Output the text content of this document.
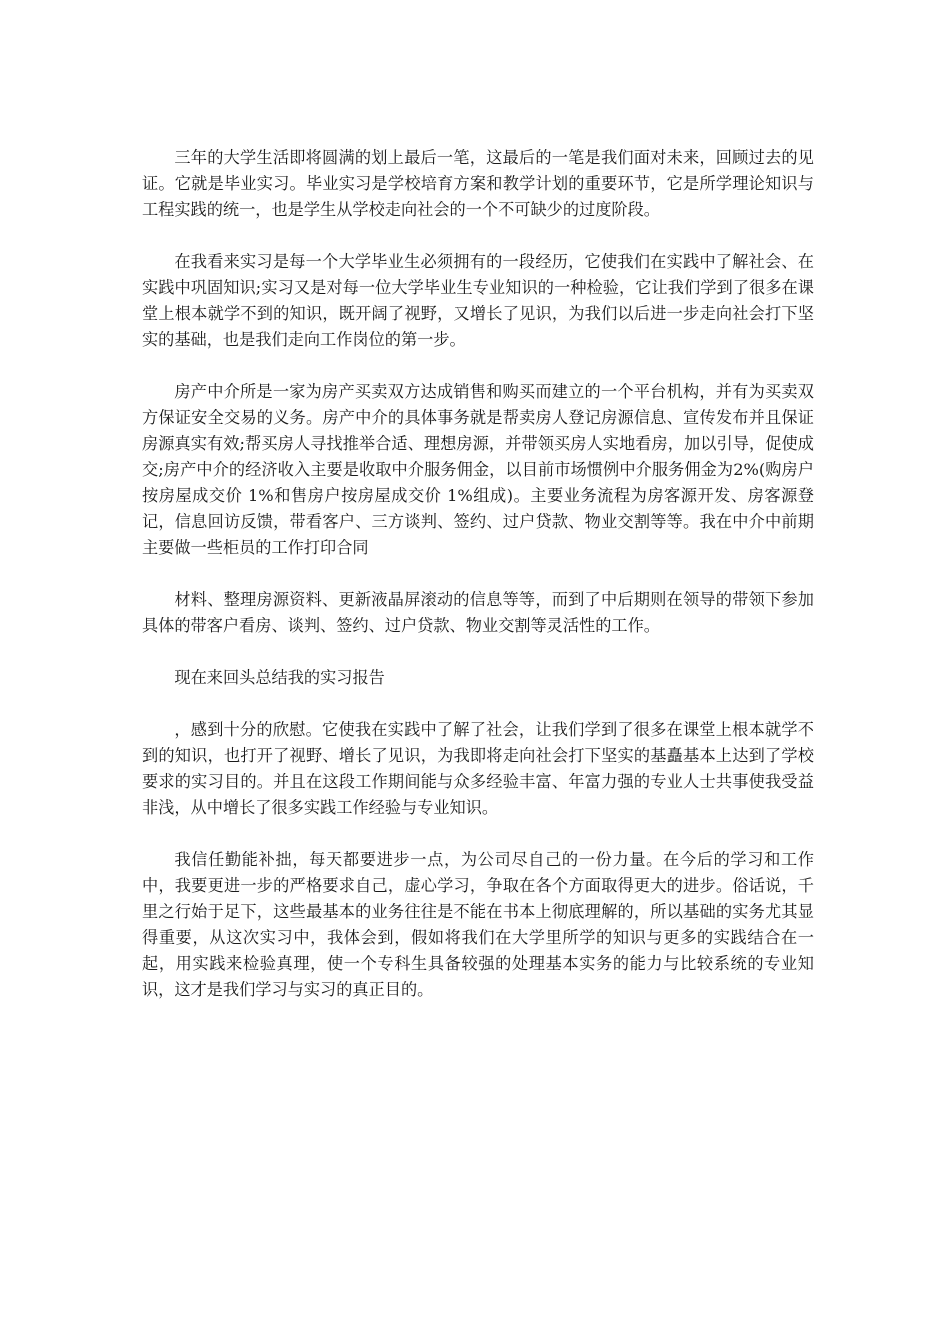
三年的大学生活即将圆满的划上最后一笔，这最后的一笔是我们面对未来，回顾过去的见证。它就是毕业实习。毕业实习是学校培育方案和教学计划的重要环节，它是所学理论知识与工程实践的统一，也是学生从学校走向社会的一个不可缺少的过度阶段。

在我看来实习是每一个大学毕业生必须拥有的一段经历，它使我们在实践中了解社会、在实践中巩固知识;实习又是对每一位大学毕业生专业知识的一种检验，它让我们学到了很多在课堂上根本就学不到的知识，既开阔了视野，又增长了见识，为我们以后进一步走向社会打下坚实的基础，也是我们走向工作岗位的第一步。

房产中介所是一家为房产买卖双方达成销售和购买而建立的一个平台机构，并有为买卖双方保证安全交易的义务。房产中介的具体事务就是帮卖房人登记房源信息、宣传发布并且保证房源真实有效;帮买房人寻找推举合适、理想房源，并带领买房人实地看房，加以引导，促使成交;房产中介的经济收入主要是收取中介服务佣金，以目前市场惯例中介服务佣金为2%(购房户按房屋成交价 1%和售房户按房屋成交价 1%组成)。主要业务流程为房客源开发、房客源登记，信息回访反馈，带看客户、三方谈判、签约、过户贷款、物业交割等等。我在中介中前期主要做一些柜员的工作打印合同

材料、整理房源资料、更新液晶屏滚动的信息等等，而到了中后期则在领导的带领下参加具体的带客户看房、谈判、签约、过户贷款、物业交割等灵活性的工作。

现在来回头总结我的实习报告

，感到十分的欣慰。它使我在实践中了解了社会，让我们学到了很多在课堂上根本就学不到的知识，也打开了视野、增长了见识，为我即将走向社会打下坚实的基矗基本上达到了学校要求的实习目的。并且在这段工作期间能与众多经验丰富、年富力强的专业人士共事使我受益非浅，从中增长了很多实践工作经验与专业知识。

我信任勤能补拙，每天都要进步一点，为公司尽自己的一份力量。在今后的学习和工作中，我要更进一步的严格要求自己，虚心学习，争取在各个方面取得更大的进步。俗话说，千里之行始于足下，这些最基本的业务往往是不能在书本上彻底理解的，所以基础的实务尤其显得重要，从这次实习中，我体会到，假如将我们在大学里所学的知识与更多的实践结合在一起，用实践来检验真理，使一个专科生具备较强的处理基本实务的能力与比较系统的专业知识，这才是我们学习与实习的真正目的。
